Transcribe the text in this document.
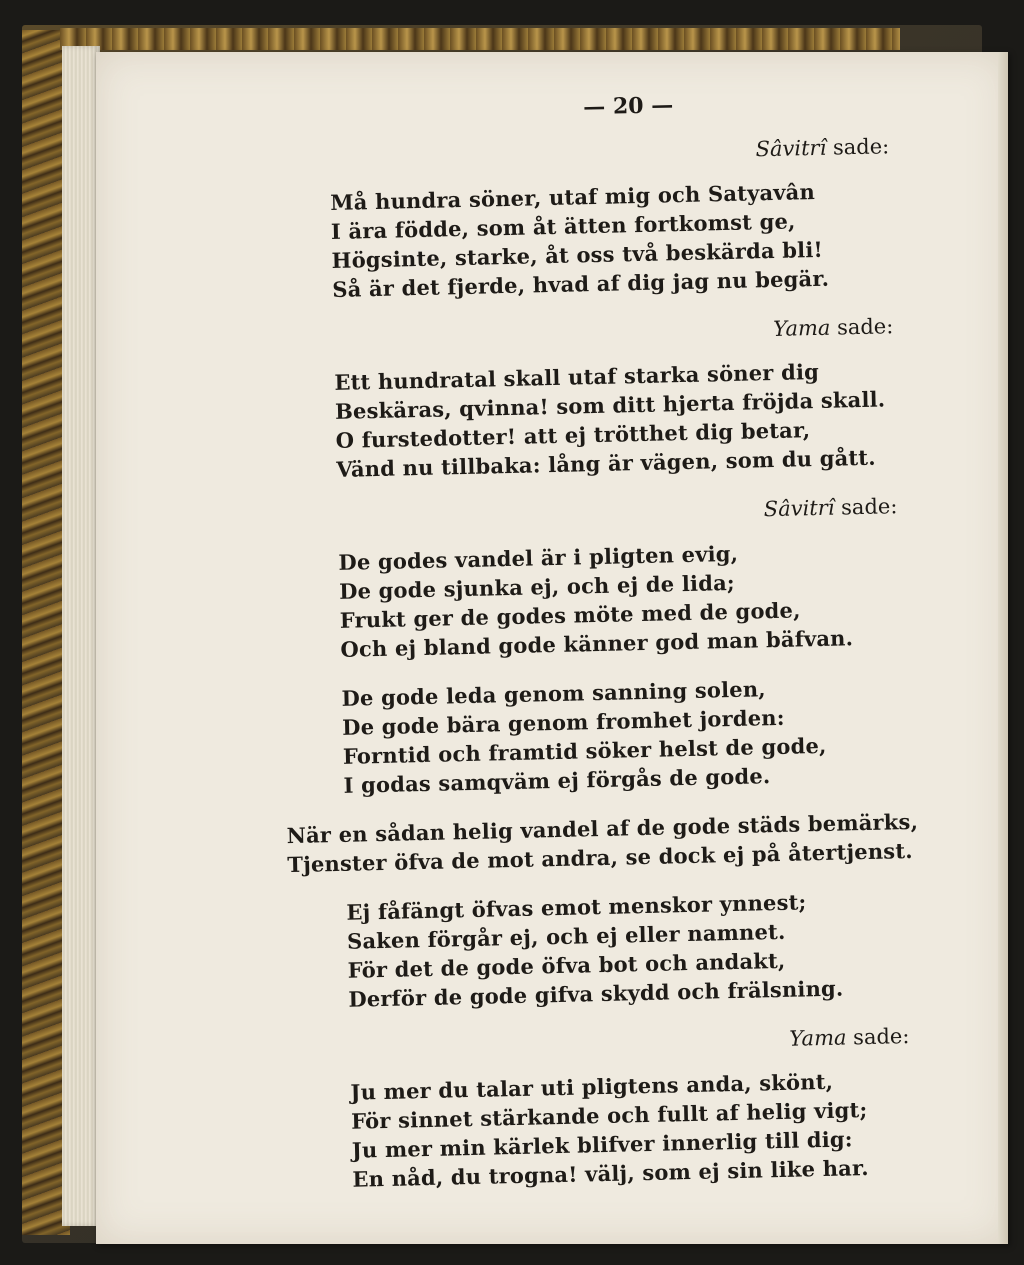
— 20 —
Sâvitrî sade:
Må hundra söner, utaf mig och Satyavân
I ära födde, som åt ätten fortkomst ge,
Högsinte, starke, åt oss två beskärda bli!
Så är det fjerde, hvad af dig jag nu begär.
Yama sade:
Ett hundratal skall utaf starka söner dig
Beskäras, qvinna! som ditt hjerta fröjda skall.
O furstedotter! att ej trötthet dig betar,
Vänd nu tillbaka: lång är vägen, som du gått.
Sâvitrî sade:
De godes vandel är i pligten evig,
De gode sjunka ej, och ej de lida;
Frukt ger de godes möte med de gode,
Och ej bland gode känner god man bäfvan.
De gode leda genom sanning solen,
De gode bära genom fromhet jorden:
Forntid och framtid söker helst de gode,
I godas samqväm ej förgås de gode.
När en sådan helig vandel af de gode städs bemärks,
Tjenster öfva de mot andra, se dock ej på återtjenst.
Ej fåfängt öfvas emot menskor ynnest;
Saken förgår ej, och ej eller namnet.
För det de gode öfva bot och andakt,
Derför de gode gifva skydd och frälsning.
Yama sade:
Ju mer du talar uti pligtens anda, skönt,
För sinnet stärkande och fullt af helig vigt;
Ju mer min kärlek blifver innerlig till dig:
En nåd, du trogna! välj, som ej sin like har.
